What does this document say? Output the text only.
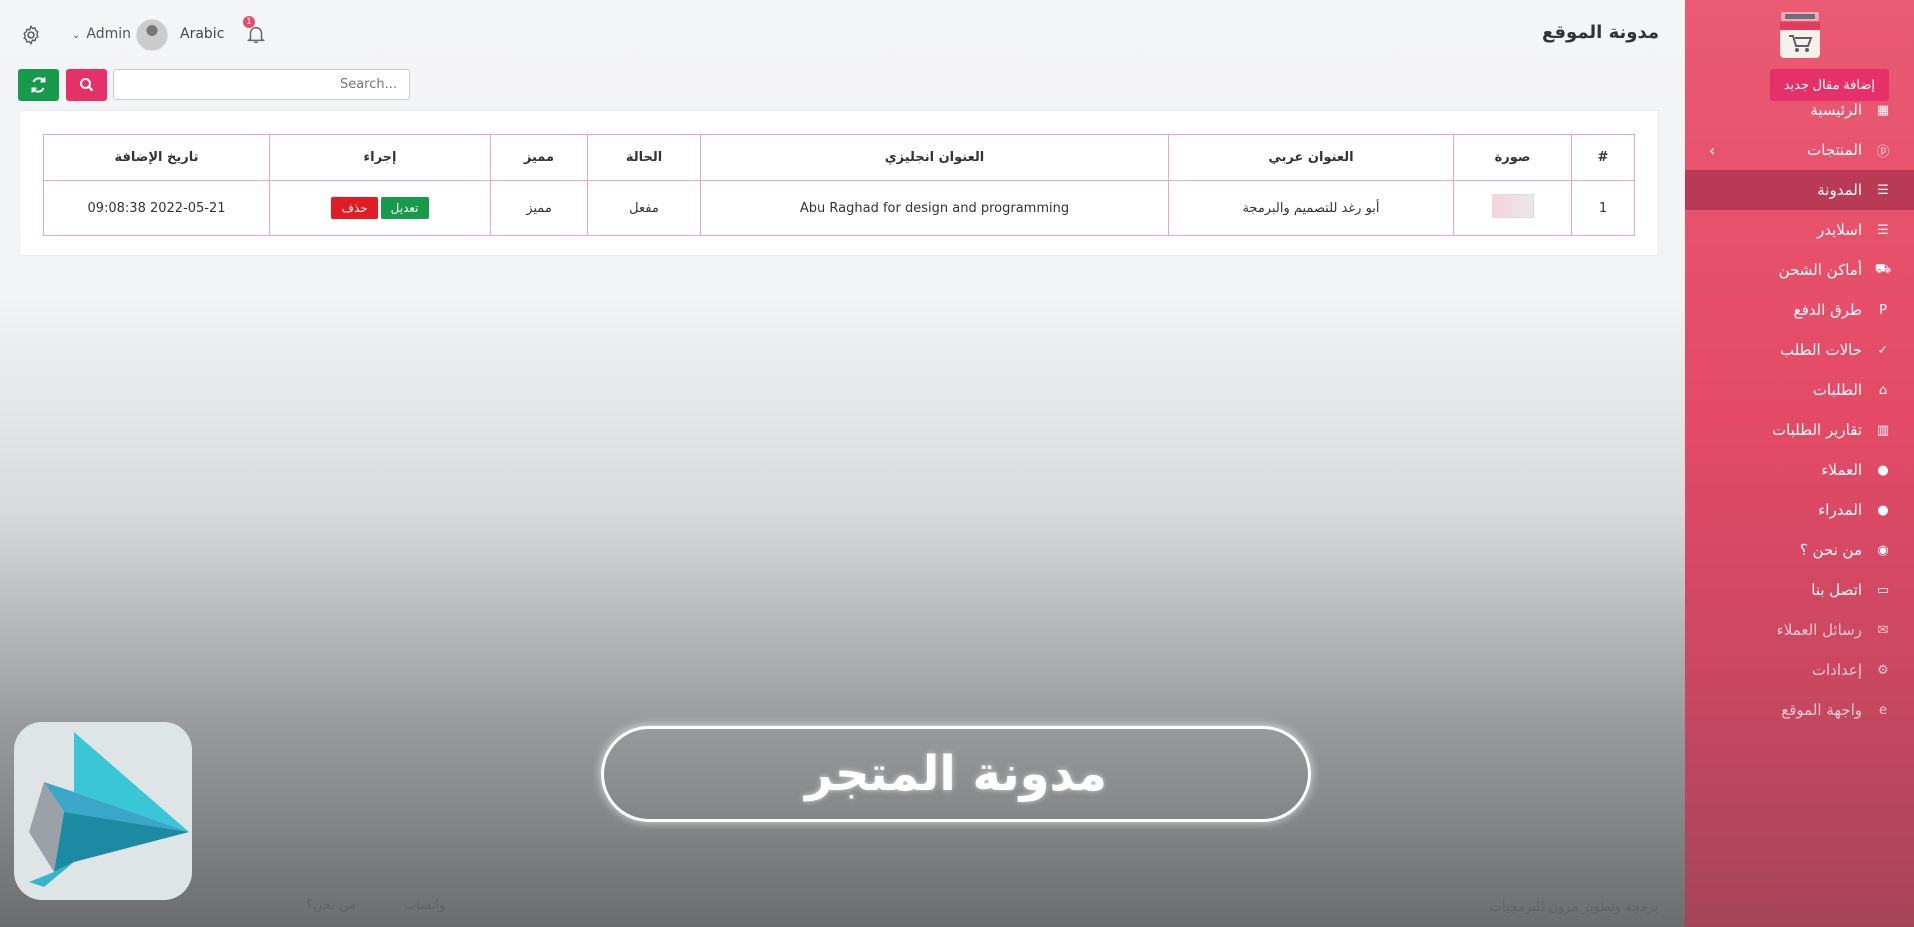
▦
الرئيسية
ⓟ
المنتجات
›
☰
المدونة
☰
اسلايدر
⛟
أماكن الشحن
P
طرق الدفع
✓
حالات الطلب
⌂
الطلبات
▥
تقارير الطلبات
●
العملاء
●
المدراء
◉
من نحن ؟
▭
اتصل بنا
✉
رسائل العملاء
⚙
إعدادات
e
واجهة الموقع
مدونة الموقع
⌄ Admin	Arabic
1
إضافة مقال جديد
Search...
#	صورة	العنوان عربي	العنوان انجليزي	الحالة	مميز	إجراء	تاريخ الإضافة
1		أبو رغد للتصميم والبرمجة	Abu Raghad for design and programming	مفعل	مميز	تعديلحذف	2022-05-21 09:08:38
مدونة المتجر
برمجة وتطوير مرون للبرمجيات
واتساب من نحن؟
